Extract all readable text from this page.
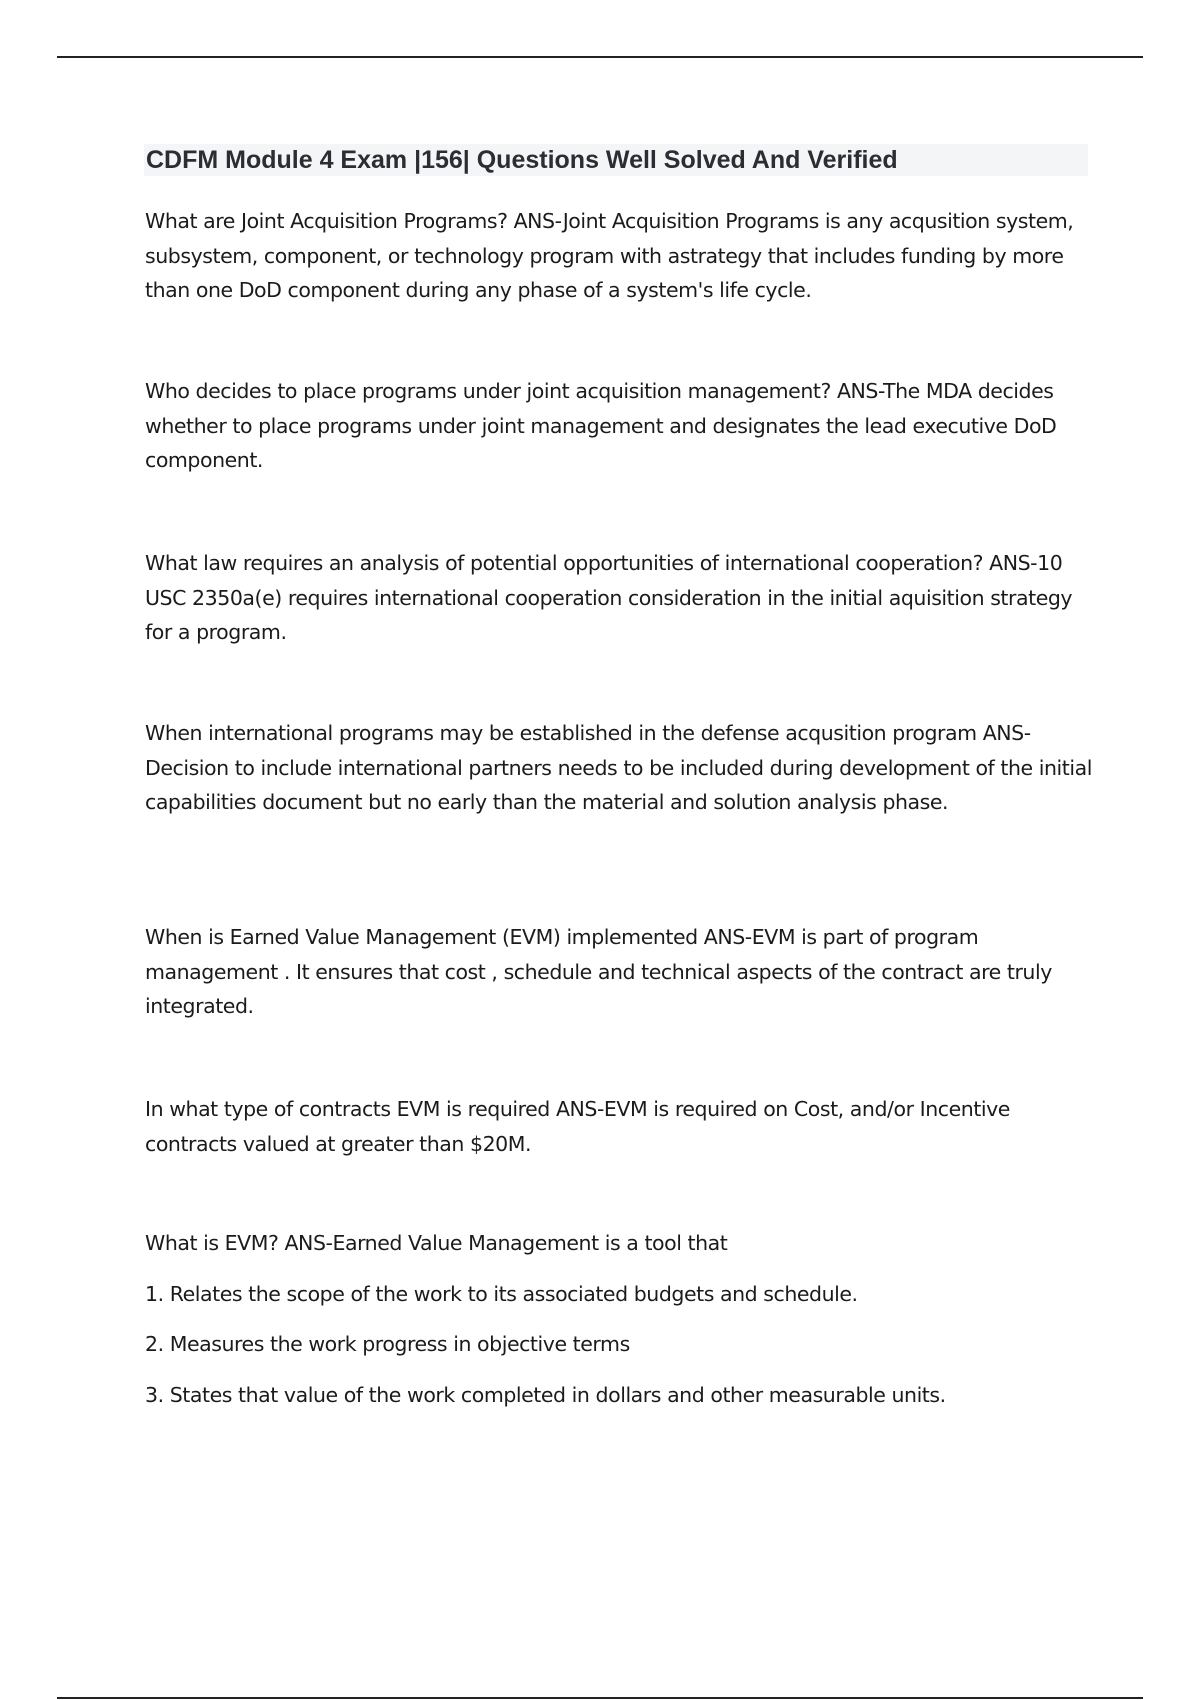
CDFM Module 4 Exam |156| Questions Well Solved And Verified

What are Joint Acquisition Programs? ANS-Joint Acquisition Programs is any acqusition system, subsystem, component, or technology program with astrategy that includes funding by more than one DoD component during any phase of a system's life cycle.

Who decides to place programs under joint acquisition management? ANS-The MDA decides whether to place programs under joint management and designates the lead executive DoD component.

What law requires an analysis of potential opportunities of international cooperation? ANS-10 USC 2350a(e) requires international cooperation consideration in the initial aquisition strategy for a program.

When international programs may be established in the defense acqusition program ANS-Decision to include international partners needs to be included during development of the initial capabilities document but no early than the material and solution analysis phase.

When is Earned Value Management (EVM) implemented ANS-EVM is part of program management . It ensures that cost , schedule and technical aspects of the contract are truly integrated.

In what type of contracts EVM is required ANS-EVM is required on Cost, and/or Incentive contracts valued at greater than $20M.

What is EVM? ANS-Earned Value Management is a tool that

1. Relates the scope of the work to its associated budgets and schedule.
2. Measures the work progress in objective terms
3. States that value of the work completed in dollars and other measurable units.
